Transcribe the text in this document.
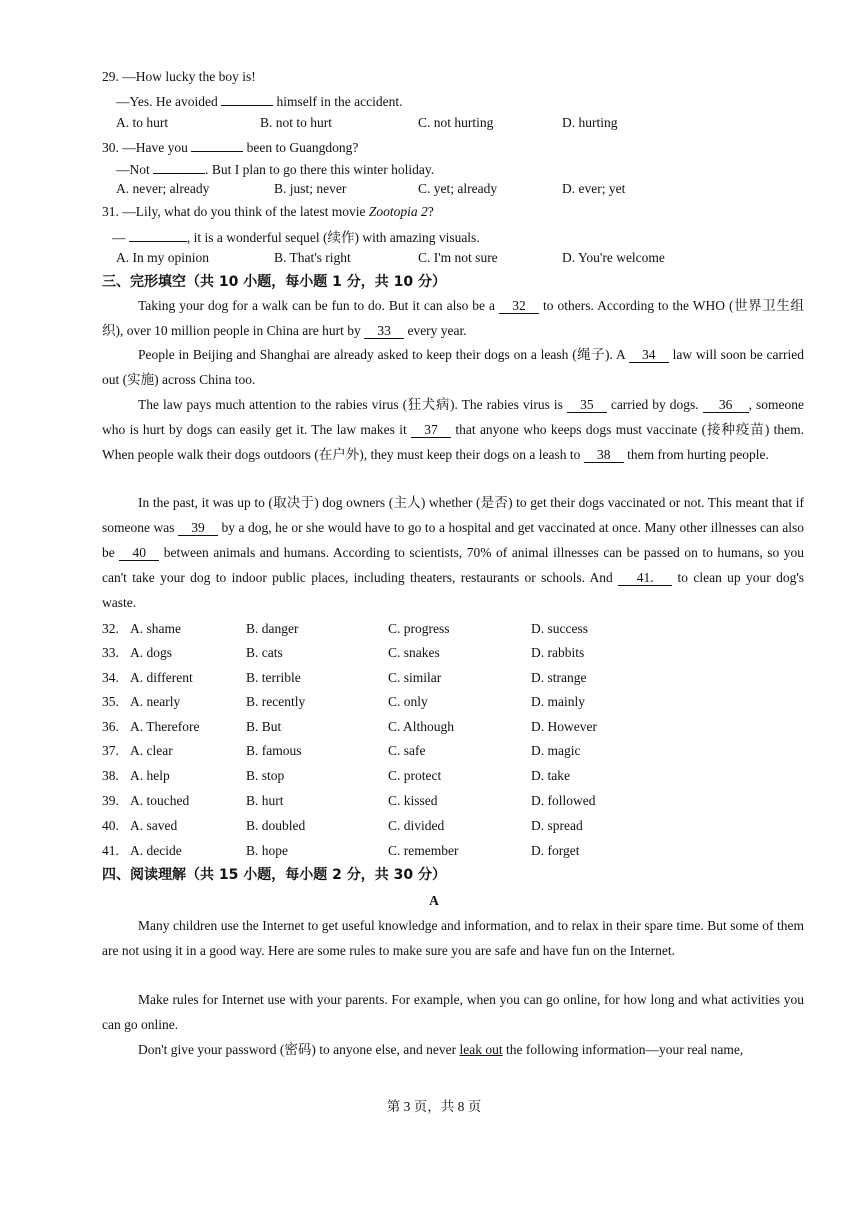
29. —How lucky the boy is!
—Yes. He avoided	himself in the accident.
A. to hurt	B. not to hurt	C. not hurting	D. hurting
30. —Have you	been to Guangdong?
—Not	. But I plan to go there this winter holiday.
A. never; already	B. just; never	C. yet; already	D. ever; yet
31. —Lily, what do you think of the latest movie Zootopia 2?
—	, it is a wonderful sequel (续作) with amazing visuals.
A. In my opinion	B. That's right	C. I'm not sure	D. You're welcome
三、完形填空（共 10 小题，每小题 1 分，共 10 分）
Taking your dog for a walk can be fun to do. But it can also be a 32 to others. According to the WHO (世界卫生组织), over 10 million people in China are hurt by 33 every year.
People in Beijing and Shanghai are already asked to keep their dogs on a leash (绳子). A 34 law will soon be carried out (实施) across China too.
The law pays much attention to the rabies virus (狂犬病). The rabies virus is 35 carried by dogs. 36 , someone who is hurt by dogs can easily get it. The law makes it 37 that anyone who keeps dogs must vaccinate (接种疫苗) them. When people walk their dogs outdoors (在户外), they must keep their dogs on a leash to 38 them from hurting people.
In the past, it was up to (取决于) dog owners (主人) whether (是否) to get their dogs vaccinated or not. This meant that if someone was 39 by a dog, he or she would have to go to a hospital and get vaccinated at once. Many other illnesses can also be 40 between animals and humans. According to scientists, 70% of animal illnesses can be passed on to humans, so you can't take your dog to indoor public places, including theaters, restaurants or schools. And 41. to clean up your dog's waste.
32. A. shame	B. danger	C. progress	D. success
33. A. dogs	B. cats	C. snakes	D. rabbits
34. A. different	B. terrible	C. similar	D. strange
35. A. nearly	B. recently	C. only	D. mainly
36. A. Therefore	B. But	C. Although	D. However
37. A. clear	B. famous	C. safe	D. magic
38. A. help	B. stop	C. protect	D. take
39. A. touched	B. hurt	C. kissed	D. followed
40. A. saved	B. doubled	C. divided	D. spread
41. A. decide	B. hope	C. remember	D. forget
四、阅读理解（共 15 小题，每小题 2 分，共 30 分）
A
Many children use the Internet to get useful knowledge and information, and to relax in their spare time. But some of them are not using it in a good way. Here are some rules to make sure you are safe and have fun on the Internet.
Make rules for Internet use with your parents. For example, when you can go online, for how long and what activities you can go online.
Don't give your password (密码) to anyone else, and never leak out the following information—your real name,
第 3 页，共 8 页
